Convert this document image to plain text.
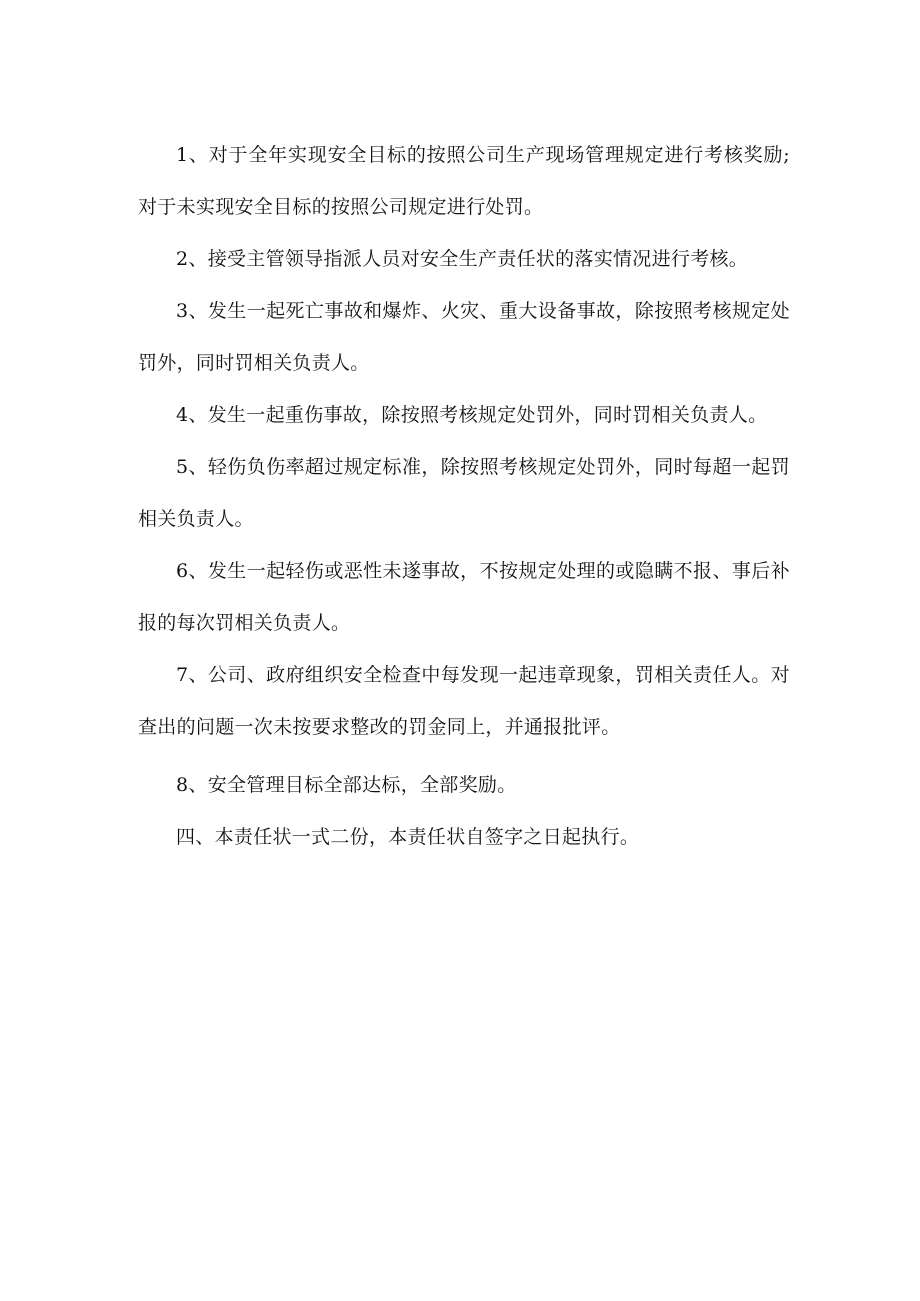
1、对于全年实现安全目标的按照公司生产现场管理规定进行考核奖励;对于未实现安全目标的按照公司规定进行处罚。

2、接受主管领导指派人员对安全生产责任状的落实情况进行考核。

3、发生一起死亡事故和爆炸、火灾、重大设备事故，除按照考核规定处罚外，同时罚相关负责人。

4、发生一起重伤事故，除按照考核规定处罚外，同时罚相关负责人。

5、轻伤负伤率超过规定标准，除按照考核规定处罚外，同时每超一起罚相关负责人。

6、发生一起轻伤或恶性未遂事故，不按规定处理的或隐瞒不报、事后补报的每次罚相关负责人。

7、公司、政府组织安全检查中每发现一起违章现象，罚相关责任人。对查出的问题一次未按要求整改的罚金同上，并通报批评。

8、安全管理目标全部达标，全部奖励。

四、本责任状一式二份，本责任状自签字之日起执行。
